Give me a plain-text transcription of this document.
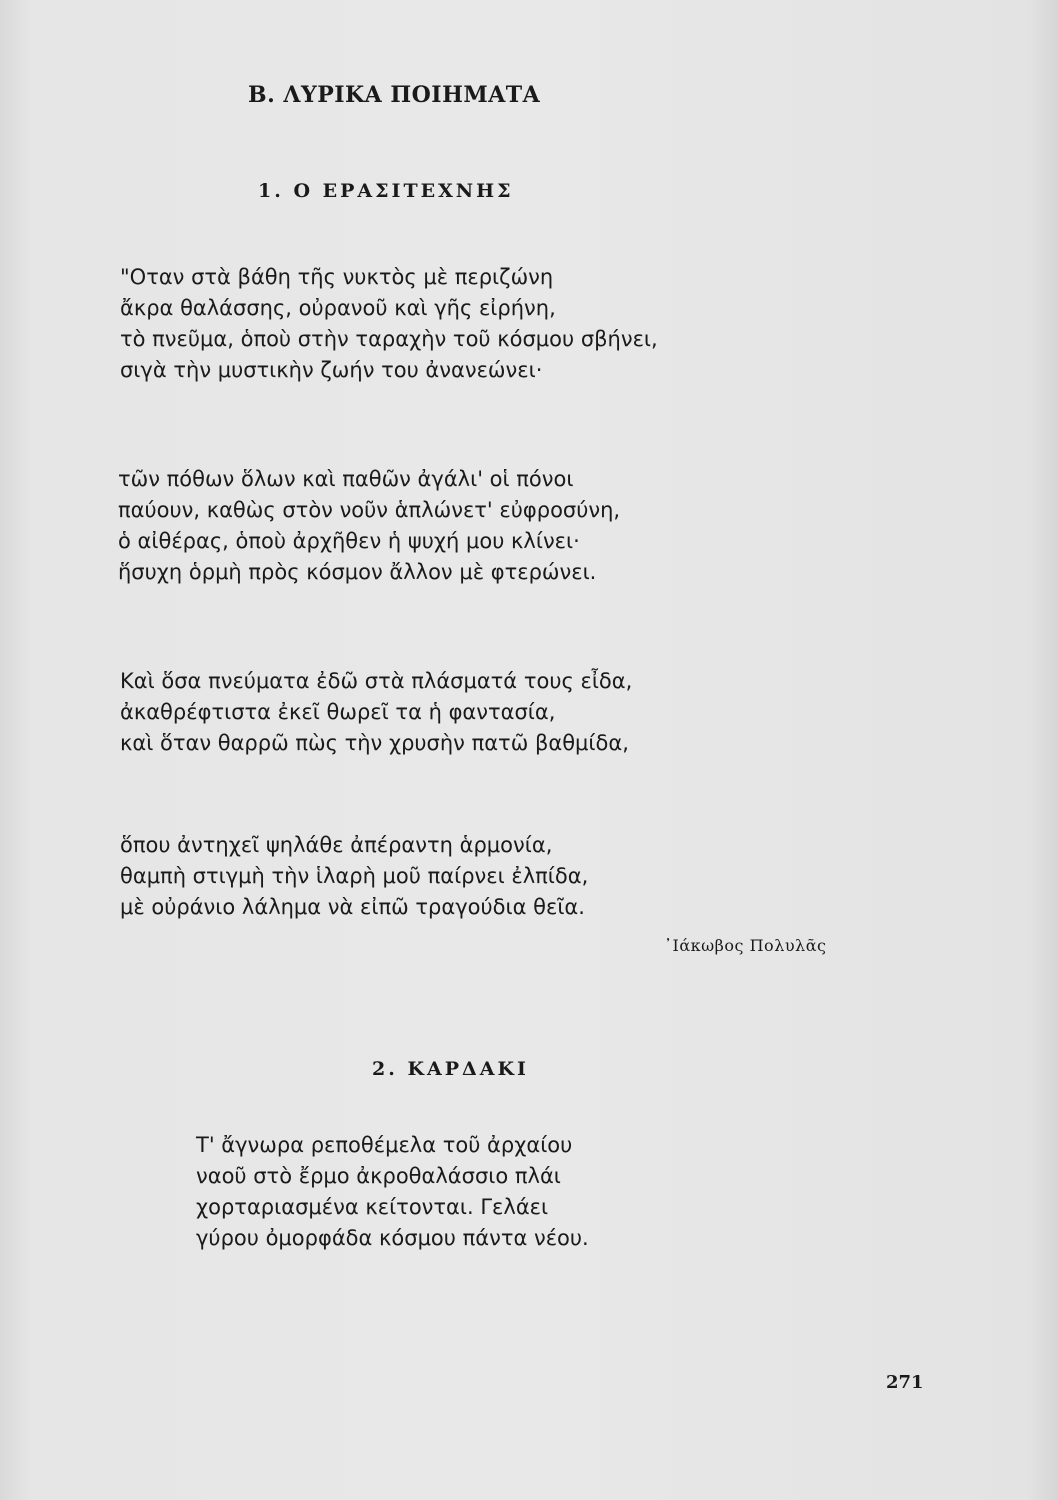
Β. ΛΥΡΙΚΑ ΠΟΙΗΜΑΤΑ
1. Ο ΕΡΑΣΙΤΕΧΝΗΣ

"Οταν στὰ βάθη τῆς νυκτὸς μὲ περιζώνη
ἄκρα θαλάσσης, οὐρανοῦ καὶ γῆς εἰρήνη,
τὸ πνεῦμα, ὁποὺ στὴν ταραχὴν τοῦ κόσμου σβήνει,
σιγὰ τὴν μυστικὴν ζωήν του ἀνανεώνει·

τῶν πόθων ὅλων καὶ παθῶν ἀγάλι' οἱ πόνοι
παύουν, καθὼς στὸν νοῦν ἁπλώνετ' εὐφροσύνη,
ὁ αἰθέρας, ὁποὺ ἀρχῆθεν ἡ ψυχή μου κλίνει·
ἥσυχη ὁρμὴ πρὸς κόσμον ἄλλον μὲ φτερώνει.

Καὶ ὅσα πνεύματα ἐδῶ στὰ πλάσματά τους εἶδα,
ἀκαθρέφτιστα ἐκεῖ θωρεῖ τα ἡ φαντασία,
καὶ ὅταν θαρρῶ πὼς τὴν χρυσὴν πατῶ βαθμίδα,

ὅπου ἀντηχεῖ ψηλάθε ἀπέραντη ἁρμονία,
θαμπὴ στιγμὴ τὴν ἱλαρὴ μοῦ παίρνει ἐλπίδα,
μὲ οὐράνιο λάλημα νὰ εἰπῶ τραγούδια θεῖα.

᾿Ιάκωβος Πολυλᾶς
2. ΚΑΡΔΑΚΙ

Τ' ἄγνωρα ρεποθέμελα τοῦ ἀρχαίου
ναοῦ στὸ ἔρμο ἀκροθαλάσσιο πλάι
χορταριασμένα κείτονται. Γελάει
γύρου ὀμορφάδα κόσμου πάντα νέου.

271
